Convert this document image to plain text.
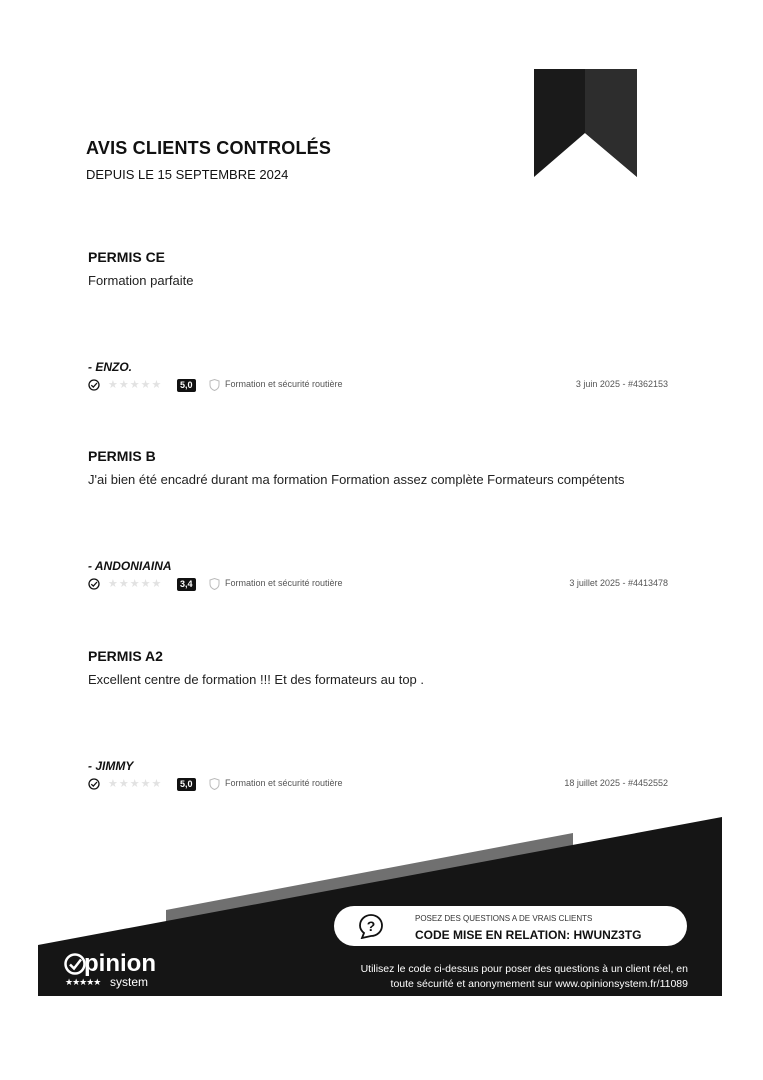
AVIS CLIENTS CONTROLÉS
DEPUIS LE 15 SEPTEMBRE 2024
PERMIS CE
Formation parfaite
- ENZO.
★★★★★	5,0	Formation et sécurité routière	3 juin 2025 - #4362153
PERMIS B
J'ai bien été encadré durant ma formation Formation assez complète Formateurs compétents
- ANDONIAINA
★★★★★	3,4	Formation et sécurité routière	3 juillet 2025 - #4413478
PERMIS A2
Excellent centre de formation !!! Et des formateurs au top .
- JIMMY
★★★★★	5,0	Formation et sécurité routière	18 juillet 2025 - #4452552
pinion
★★★★★ system
?	POSEZ DES QUESTIONS A DE VRAIS CLIENTS
CODE MISE EN RELATION: HWUNZ3TG
Utilisez le code ci-dessus pour poser des questions à un client réel, en
toute sécurité et anonymement sur www.opinionsystem.fr/11089
